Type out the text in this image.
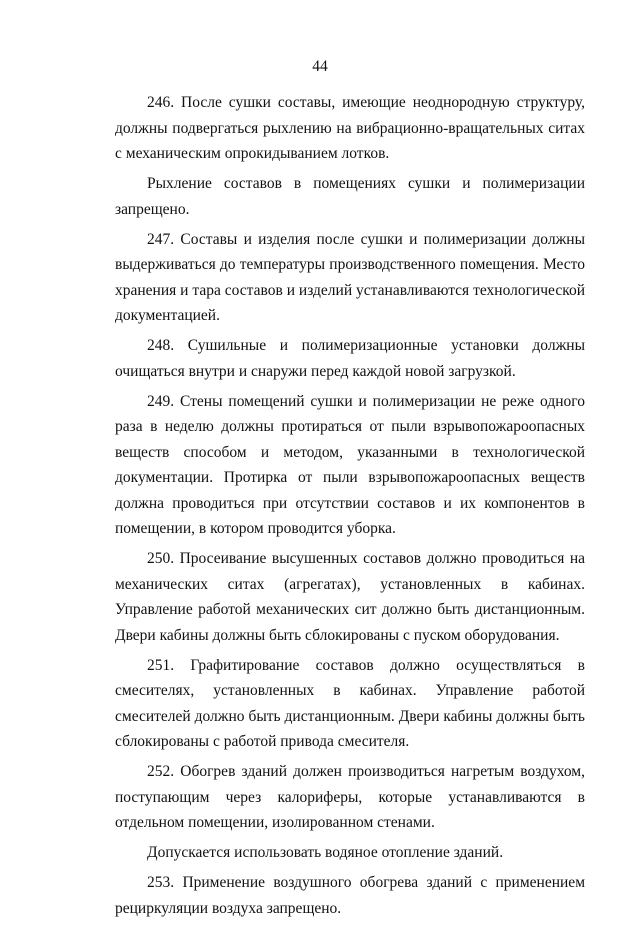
44

246. После сушки составы, имеющие неоднородную структуру, должны подвергаться рыхлению на вибрационно-вращательных ситах с механическим опрокидыванием лотков.

Рыхление составов в помещениях сушки и полимеризации запрещено.

247. Составы и изделия после сушки и полимеризации должны выдерживаться до температуры производственного помещения. Место хранения и тара составов и изделий устанавливаются технологической документацией.

248. Сушильные и полимеризационные установки должны очищаться внутри и снаружи перед каждой новой загрузкой.

249. Стены помещений сушки и полимеризации не реже одного раза в неделю должны протираться от пыли взрывопожароопасных веществ способом и методом, указанными в технологической документации. Протирка от пыли взрывопожароопасных веществ должна проводиться при отсутствии составов и их компонентов в помещении, в котором проводится уборка.

250. Просеивание высушенных составов должно проводиться на механических ситах (агрегатах), установленных в кабинах. Управление работой механических сит должно быть дистанционным. Двери кабины должны быть сблокированы с пуском оборудования.

251. Графитирование составов должно осуществляться в смесителях, установленных в кабинах. Управление работой смесителей должно быть дистанционным. Двери кабины должны быть сблокированы с работой привода смесителя.

252. Обогрев зданий должен производиться нагретым воздухом, поступающим через калориферы, которые устанавливаются в отдельном помещении, изолированном стенами.

Допускается использовать водяное отопление зданий.

253. Применение воздушного обогрева зданий с применением рециркуляции воздуха запрещено.
